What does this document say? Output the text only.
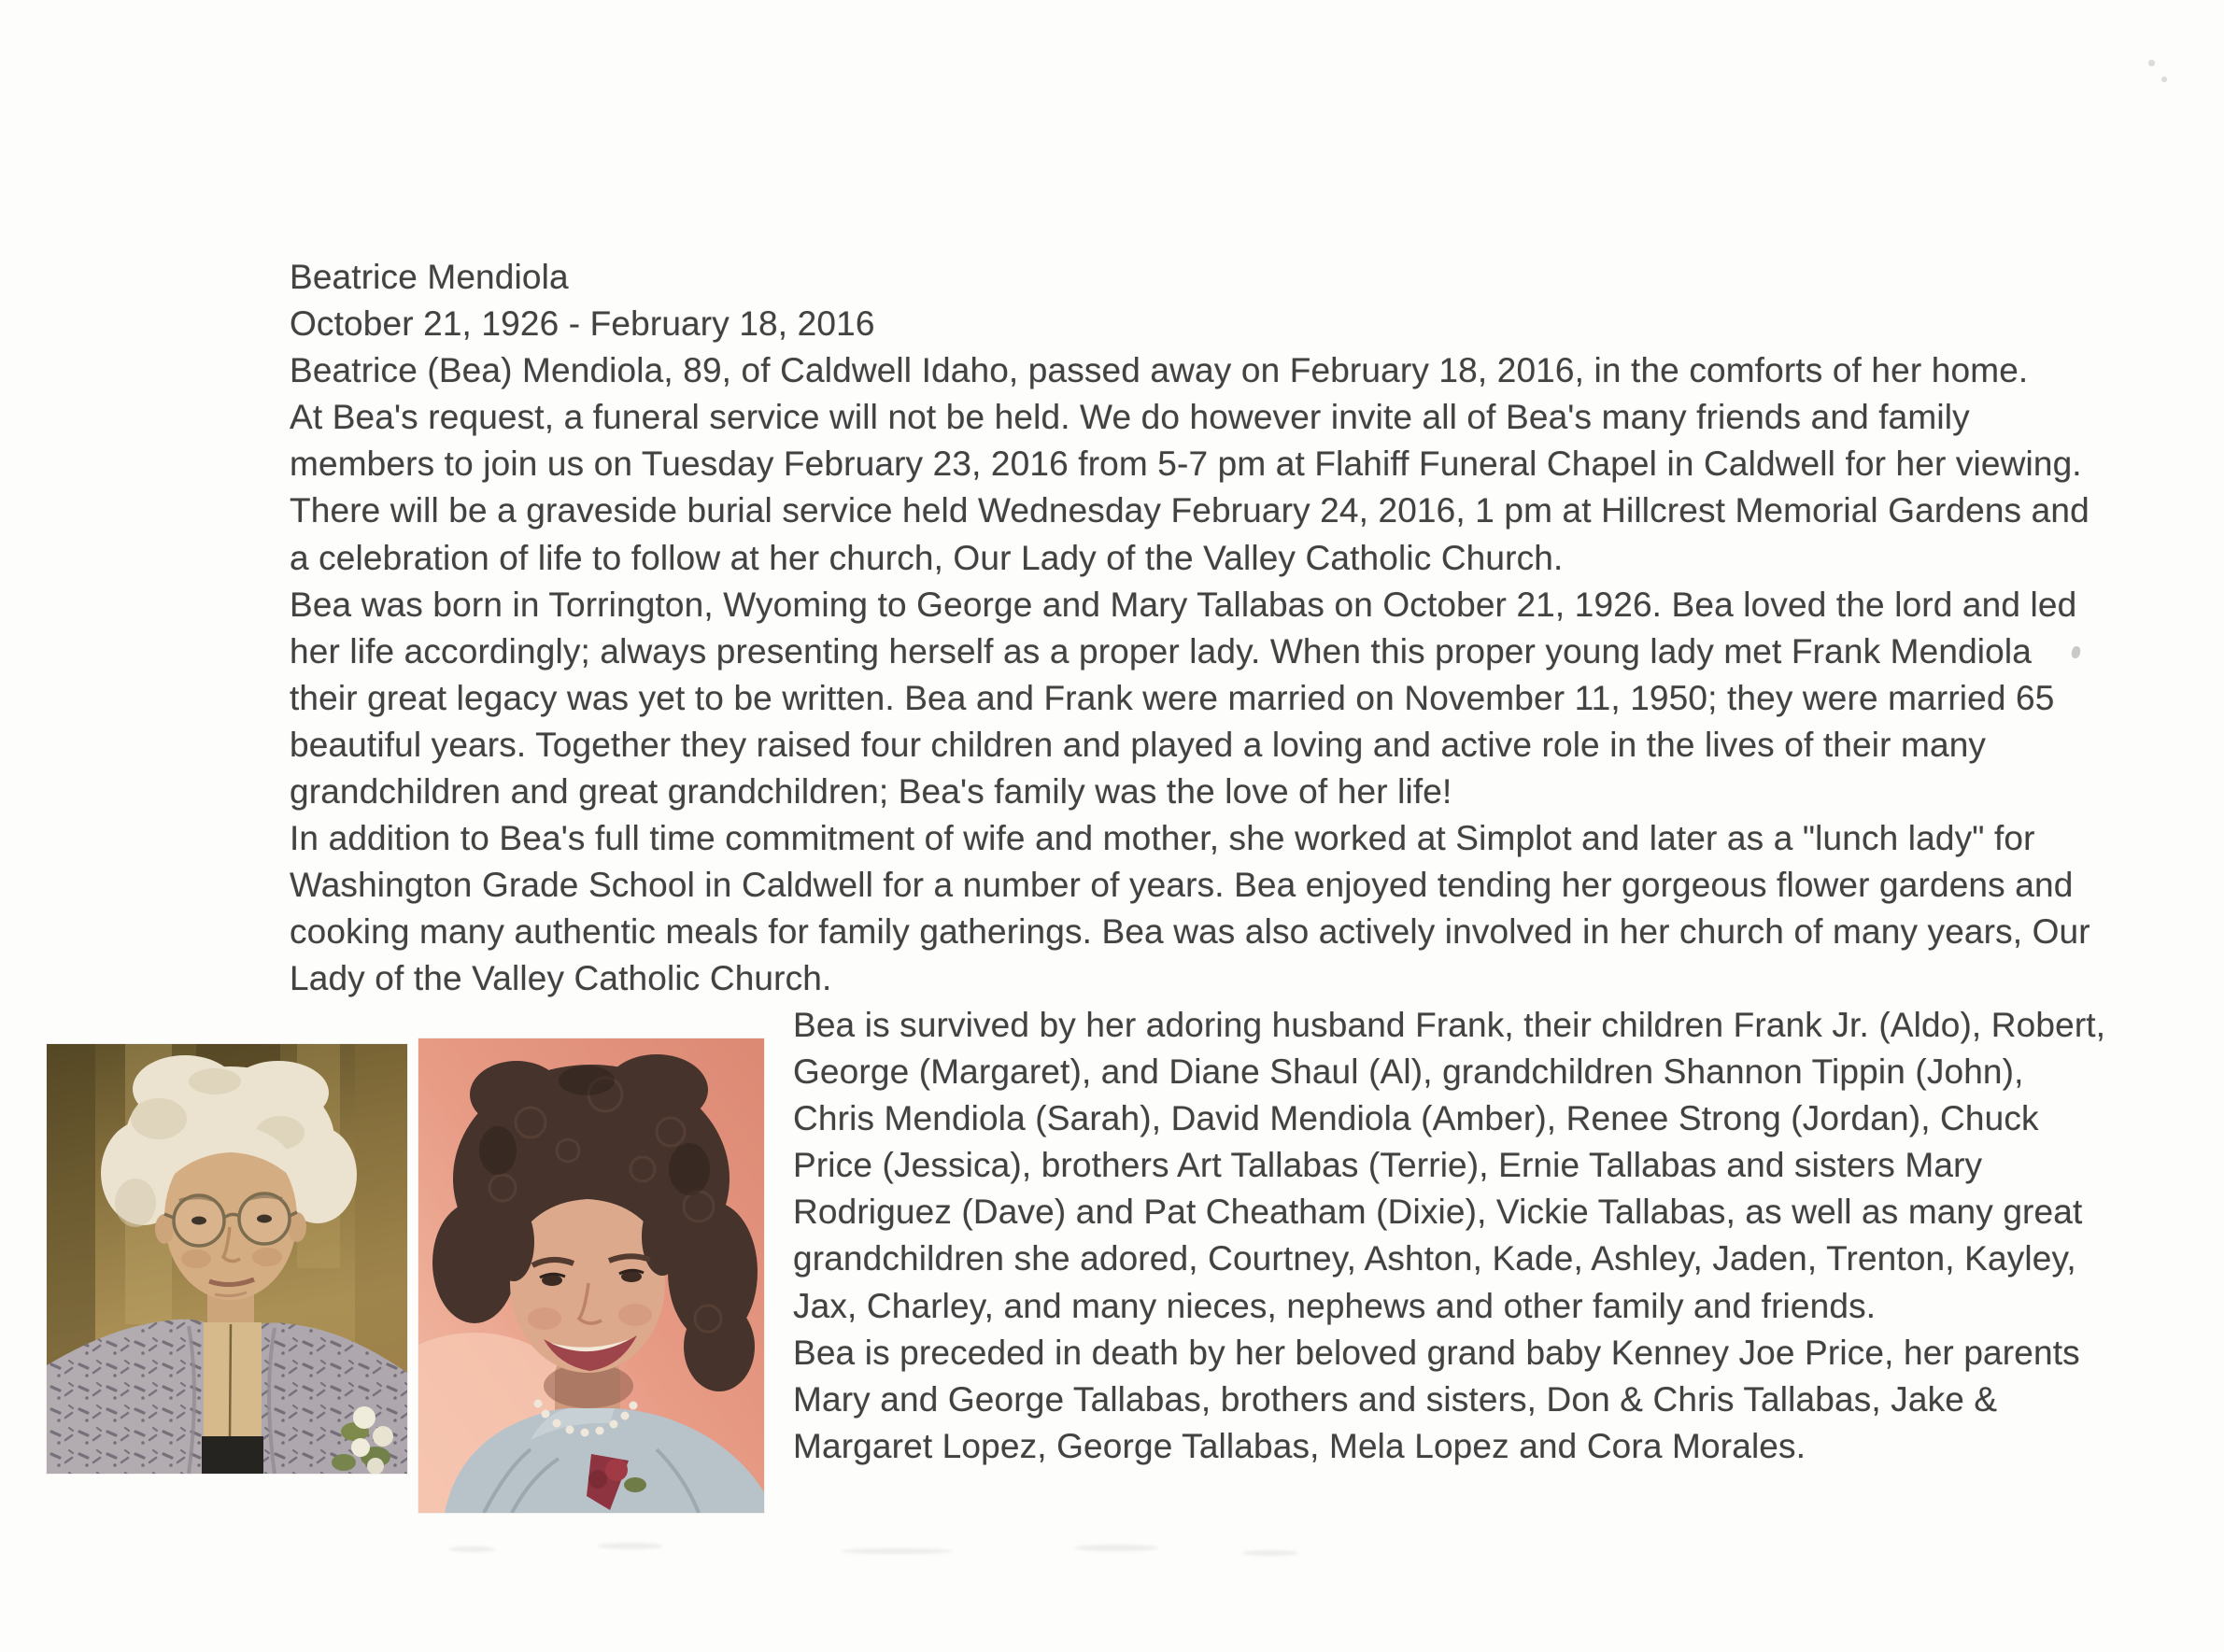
Beatrice Mendiola
October 21, 1926 - February 18, 2016
Beatrice (Bea) Mendiola, 89, of Caldwell Idaho, passed away on February 18, 2016, in the comforts of her home.
At Bea's request, a funeral service will not be held. We do however invite all of Bea's many friends and family
members to join us on Tuesday February 23, 2016 from 5-7 pm at Flahiff Funeral Chapel in Caldwell for her viewing.
There will be a graveside burial service held Wednesday February 24, 2016, 1 pm at Hillcrest Memorial Gardens and
a celebration of life to follow at her church, Our Lady of the Valley Catholic Church.
Bea was born in Torrington, Wyoming to George and Mary Tallabas on October 21, 1926. Bea loved the lord and led
her life accordingly; always presenting herself as a proper lady. When this proper young lady met Frank Mendiola
their great legacy was yet to be written. Bea and Frank were married on November 11, 1950; they were married 65
beautiful years. Together they raised four children and played a loving and active role in the lives of their many
grandchildren and great grandchildren; Bea's family was the love of her life!
In addition to Bea's full time commitment of wife and mother, she worked at Simplot and later as a "lunch lady" for
Washington Grade School in Caldwell for a number of years. Bea enjoyed tending her gorgeous flower gardens and
cooking many authentic meals for family gatherings. Bea was also actively involved in her church of many years, Our
Lady of the Valley Catholic Church.
Bea is survived by her adoring husband Frank, their children Frank Jr. (Aldo), Robert,
George (Margaret), and Diane Shaul (Al), grandchildren Shannon Tippin (John),
Chris Mendiola (Sarah), David Mendiola (Amber), Renee Strong (Jordan), Chuck
Price (Jessica), brothers Art Tallabas (Terrie), Ernie Tallabas and sisters Mary
Rodriguez (Dave) and Pat Cheatham (Dixie), Vickie Tallabas, as well as many great
grandchildren she adored, Courtney, Ashton, Kade, Ashley, Jaden, Trenton, Kayley,
Jax, Charley, and many nieces, nephews and other family and friends.
Bea is preceded in death by her beloved grand baby Kenney Joe Price, her parents
Mary and George Tallabas, brothers and sisters, Don & Chris Tallabas, Jake &
Margaret Lopez, George Tallabas, Mela Lopez and Cora Morales.
